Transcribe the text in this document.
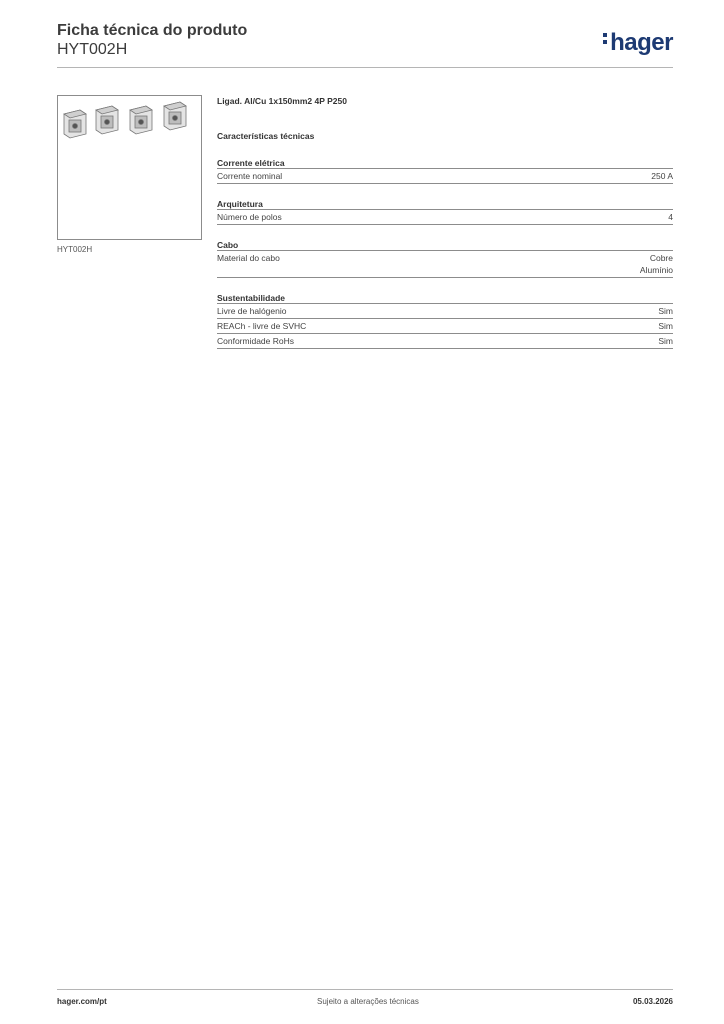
Ficha técnica do produto
HYT002H	hager
HYT002H
Ligad. Al/Cu 1x150mm2 4P P250
Características técnicas
Corrente elétrica
Corrente nominal	250 A
Arquitetura
Número de polos	4
Cabo
Material do cabo	Cobre
Alumínio
Sustentabilidade
Livre de halógenio	Sim
REACh - livre de SVHC	Sim
Conformidade RoHs	Sim
hager.com/pt	Sujeito a alterações técnicas	05.03.2026
